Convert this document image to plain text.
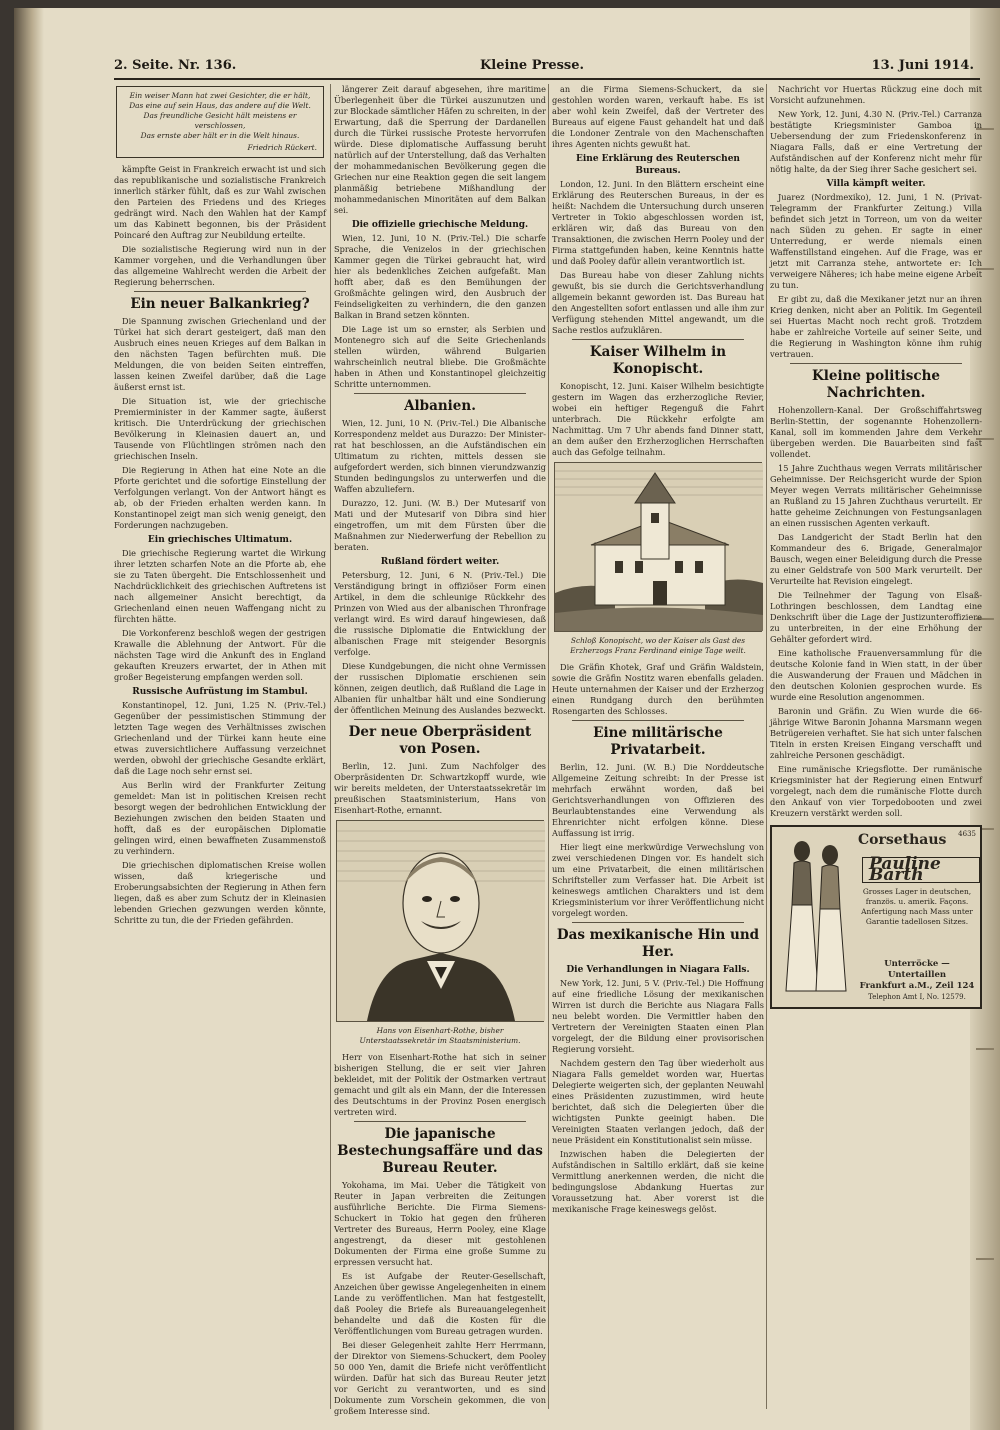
2. Seite. Nr. 136.	Kleine Presse.	13. Juni 1914.
Ein weiser Mann hat zwei Gesichter, die er hält,
Das eine auf sein Haus, das andere auf die Welt.
Das freundliche Gesicht hält meistens er verschlossen,
Das ernste aber hält er in die Welt hinaus.
Friedrich Rückert.

kämpfte Geist in Frankreich erwacht ist und sich das republikanische und sozialistische Frankreich innerlich stärker fühlt, daß es zur Wahl zwischen den Parteien des Friedens und des Krieges gedrängt wird. Nach den Wahlen hat der Kampf um das Kabinett begonnen, bis der Präsident Poincaré den Auftrag zur Neubildung erteilte.

Die sozialistische Regierung wird nun in der Kammer vorgehen, und die Verhandlungen über das allgemeine Wahlrecht werden die Arbeit der Regierung beherrschen.

Ein neuer Balkankrieg?

Die Spannung zwischen Griechenland und der Türkei hat sich derart gesteigert, daß man den Ausbruch eines neuen Krieges auf dem Balkan in den nächsten Tagen befürchten muß. Die Meldungen, die von beiden Seiten eintreffen, lassen keinen Zweifel darüber, daß die Lage äußerst ernst ist.

Die Situation ist, wie der griechische Premierminister in der Kammer sagte, äußerst kritisch. Die Unterdrückung der griechischen Bevölkerung in Kleinasien dauert an, und Tausende von Flüchtlingen strömen nach den griechischen Inseln.

Die Regierung in Athen hat eine Note an die Pforte gerichtet und die sofortige Einstellung der Verfolgungen verlangt. Von der Antwort hängt es ab, ob der Frieden erhalten werden kann. In Konstantinopel zeigt man sich wenig geneigt, den Forderungen nachzugeben.

Ein griechisches Ultimatum.

Die griechische Regierung wartet die Wirkung ihrer letzten scharfen Note an die Pforte ab, ehe sie zu Taten übergeht. Die Entschlossenheit und Nachdrücklichkeit des griechischen Auftretens ist nach allgemeiner Ansicht berechtigt, da Griechenland einen neuen Waffengang nicht zu fürchten hätte.

Die Vorkonferenz beschloß wegen der gestrigen Krawalle die Ablehnung der Antwort. Für die nächsten Tage wird die Ankunft des in England gekauften Kreuzers erwartet, der in Athen mit großer Begeisterung empfangen werden soll.

Russische Aufrüstung im Stambul.

Konstantinopel, 12. Juni, 1.25 N. (Priv.-Tel.) Gegenüber der pessimistischen Stimmung der letzten Tage wegen des Verhältnisses zwischen Griechenland und der Türkei kann heute eine etwas zuversichtlichere Auffassung verzeichnet werden, obwohl der griechische Gesandte erklärt, daß die Lage noch sehr ernst sei.

Aus Berlin wird der Frankfurter Zeitung gemeldet: Man ist in politischen Kreisen recht besorgt wegen der bedrohlichen Entwicklung der Beziehungen zwischen den beiden Staaten und hofft, daß es der europäischen Diplomatie gelingen wird, einen bewaffneten Zusammenstoß zu verhindern.

Die griechischen diplomatischen Kreise wollen wissen, daß kriegerische und Eroberungsabsichten der Regierung in Athen fern liegen, daß es aber zum Schutz der in Kleinasien lebenden Griechen gezwungen werden könnte, Schritte zu tun, die der Frieden gefährden.

längerer Zeit darauf abgesehen, ihre maritime Überlegenheit über die Türkei auszunutzen und zur Blockade sämtlicher Häfen zu schreiten, in der Erwartung, daß die Sperrung der Dardanellen durch die Türkei russische Proteste hervorrufen würde. Diese diplomatische Auffassung beruht natürlich auf der Unterstellung, daß das Verhalten der mohammedanischen Bevölkerung gegen die Griechen nur eine Reaktion gegen die seit langem planmäßig betriebene Mißhandlung der mohammedanischen Minoritäten auf dem Balkan sei.

Die offizielle griechische Meldung.

Wien, 12. Juni, 10 N. (Priv.-Tel.) Die scharfe Sprache, die Venizelos in der griechischen Kammer gegen die Türkei gebraucht hat, wird hier als bedenkliches Zeichen aufgefaßt. Man hofft aber, daß es den Bemühungen der Großmächte gelingen wird, den Ausbruch der Feindseligkeiten zu verhindern, die den ganzen Balkan in Brand setzen könnten.

Die Lage ist um so ernster, als Serbien und Montenegro sich auf die Seite Griechenlands stellen würden, während Bulgarien wahrscheinlich neutral bliebe. Die Großmächte haben in Athen und Konstantinopel gleichzeitig Schritte unternommen.

Albanien.

Wien, 12. Juni, 10 N. (Priv.-Tel.) Die Albanische Korrespondenz meldet aus Durazzo: Der Minister-rat hat beschlossen, an die Aufständischen ein Ultimatum zu richten, mittels dessen sie aufgefordert werden, sich binnen vierundzwanzig Stunden bedingungslos zu unterwerfen und die Waffen abzuliefern.

Durazzo, 12. Juni. (W. B.) Der Mutesarif von Mati und der Mutesarif von Dibra sind hier eingetroffen, um mit dem Fürsten über die Maßnahmen zur Niederwerfung der Rebellion zu beraten.

Rußland fördert weiter.

Petersburg, 12. Juni, 6 N. (Priv.-Tel.) Die Verständigung bringt in offiziöser Form einen Artikel, in dem die schleunige Rückkehr des Prinzen von Wied aus der albanischen Thronfrage verlangt wird. Es wird darauf hingewiesen, daß die russische Diplomatie die Entwicklung der albanischen Frage mit steigender Besorgnis verfolge.

Diese Kundgebungen, die nicht ohne Vermissen der russischen Diplomatie erschienen sein können, zeigen deutlich, daß Rußland die Lage in Albanien für unhaltbar hält und eine Sondierung der öffentlichen Meinung des Auslandes bezweckt.

Der neue Oberpräsident von Posen.

Berlin, 12. Juni. Zum Nachfolger des Oberpräsidenten Dr. Schwartzkopff wurde, wie wir bereits meldeten, der Unterstaatssekretär im preußischen Staatsministerium, Hans von Eisenhart-Rothe, ernannt.

Hans von Eisenhart-Rothe, bisher Unterstaatssekretär im Staatsministerium.

Herr von Eisenhart-Rothe hat sich in seiner bisherigen Stellung, die er seit vier Jahren bekleidet, mit der Politik der Ostmarken vertraut gemacht und gilt als ein Mann, der die Interessen des Deutschtums in der Provinz Posen energisch vertreten wird.

Die japanische Bestechungsaffäre und das Bureau Reuter.

Yokohama, im Mai. Ueber die Tätigkeit von Reuter in Japan verbreiten die Zeitungen ausführliche Berichte. Die Firma Siemens-Schuckert in Tokio hat gegen den früheren Vertreter des Bureaus, Herrn Pooley, eine Klage angestrengt, da dieser mit gestohlenen Dokumenten der Firma eine große Summe zu erpressen versucht hat.

Es ist Aufgabe der Reuter-Gesellschaft, Anzeichen über gewisse Angelegenheiten in einem Lande zu veröffentlichen. Man hat festgestellt, daß Pooley die Briefe als Bureauangelegenheit behandelte und daß die Kosten für die Veröffentlichungen vom Bureau getragen wurden.

Bei dieser Gelegenheit zahlte Herr Herrmann, der Direktor von Siemens-Schuckert, dem Pooley 50 000 Yen, damit die Briefe nicht veröffentlicht würden. Dafür hat sich das Bureau Reuter jetzt vor Gericht zu verantworten, und es sind Dokumente zum Vorschein gekommen, die von großem Interesse sind.

an die Firma Siemens-Schuckert, da sie gestohlen worden waren, verkauft habe. Es ist aber wohl kein Zweifel, daß der Vertreter des Bureaus auf eigene Faust gehandelt hat und daß die Londoner Zentrale von den Machenschaften ihres Agenten nichts gewußt hat.

Eine Erklärung des Reuterschen Bureaus.

London, 12. Juni. In den Blättern erscheint eine Erklärung des Reuterschen Bureaus, in der es heißt: Nachdem die Untersuchung durch unseren Vertreter in Tokio abgeschlossen worden ist, erklären wir, daß das Bureau von den Transaktionen, die zwischen Herrn Pooley und der Firma stattgefunden haben, keine Kenntnis hatte und daß Pooley dafür allein verantwortlich ist.

Das Bureau habe von dieser Zahlung nichts gewußt, bis sie durch die Gerichtsverhandlung allgemein bekannt geworden ist. Das Bureau hat den Angestellten sofort entlassen und alle ihm zur Verfügung stehenden Mittel angewandt, um die Sache restlos aufzuklären.

Kaiser Wilhelm in Konopischt.

Konopischt, 12. Juni. Kaiser Wilhelm besichtigte gestern im Wagen das erzherzogliche Revier, wobei ein heftiger Regenguß die Fahrt unterbrach. Die Rückkehr erfolgte am Nachmittag. Um 7 Uhr abends fand Dinner statt, an dem außer den Erzherzoglichen Herrschaften auch das Gefolge teilnahm.

Schloß Konopischt, wo der Kaiser als Gast des Erzherzogs Franz Ferdinand einige Tage weilt.

Die Gräfin Khotek, Graf und Gräfin Waldstein, sowie die Gräfin Nostitz waren ebenfalls geladen. Heute unternahmen der Kaiser und der Erzherzog einen Rundgang durch den berühmten Rosengarten des Schlosses.

Eine militärische Privatarbeit.

Berlin, 12. Juni. (W. B.) Die Norddeutsche Allgemeine Zeitung schreibt: In der Presse ist mehrfach erwähnt worden, daß bei Gerichtsverhandlungen von Offizieren des Beurlaubtenstandes eine Verwendung als Ehrenrichter nicht erfolgen könne. Diese Auffassung ist irrig.

Hier liegt eine merkwürdige Verwechslung von zwei verschiedenen Dingen vor. Es handelt sich um eine Privatarbeit, die einen militärischen Schriftsteller zum Verfasser hat. Die Arbeit ist keineswegs amtlichen Charakters und ist dem Kriegsministerium vor ihrer Veröffentlichung nicht vorgelegt worden.

Das mexikanische Hin und Her.
Die Verhandlungen in Niagara Falls.

New York, 12. Juni, 5 V. (Priv.-Tel.) Die Hoffnung auf eine friedliche Lösung der mexikanischen Wirren ist durch die Berichte aus Niagara Falls neu belebt worden. Die Vermittler haben den Vertretern der Vereinigten Staaten einen Plan vorgelegt, der die Bildung einer provisorischen Regierung vorsieht.

Nachdem gestern den Tag über wiederholt aus Niagara Falls gemeldet worden war, Huertas Delegierte weigerten sich, der geplanten Neuwahl eines Präsidenten zuzustimmen, wird heute berichtet, daß sich die Delegierten über die wichtigsten Punkte geeinigt haben. Die Vereinigten Staaten verlangen jedoch, daß der neue Präsident ein Konstitutionalist sein müsse.

Inzwischen haben die Delegierten der Aufständischen in Saltillo erklärt, daß sie keine Vermittlung anerkennen werden, die nicht die bedingungslose Abdankung Huertas zur Voraussetzung hat. Aber vorerst ist die mexikanische Frage keineswegs gelöst.

Nachricht vor Huertas Rückzug eine doch mit Vorsicht aufzunehmen.

New York, 12. Juni, 4.30 N. (Priv.-Tel.) Carranza bestätigte Kriegsminister Gamboa in Uebersendung der zum Friedenskonferenz in Niagara Falls, daß er eine Vertretung der Aufständischen auf der Konferenz nicht mehr für nötig halte, da der Sieg ihrer Sache gesichert sei.

Villa kämpft weiter.

Juarez (Nordmexiko), 12. Juni, 1 N. (Privat-Telegramm der Frankfurter Zeitung.) Villa befindet sich jetzt in Torreon, um von da weiter nach Süden zu gehen. Er sagte in einer Unterredung, er werde niemals einen Waffenstillstand eingehen. Auf die Frage, was er jetzt mit Carranza stehe, antwortete er: Ich verweigere Näheres; ich habe meine eigene Arbeit zu tun.

Er gibt zu, daß die Mexikaner jetzt nur an ihren Krieg denken, nicht aber an Politik. Im Gegenteil sei Huertas Macht noch recht groß. Trotzdem habe er zahlreiche Vorteile auf seiner Seite, und die Regierung in Washington könne ihm ruhig vertrauen.

Kleine politische Nachrichten.

Hohenzollern-Kanal. Der Großschiffahrtsweg Berlin-Stettin, der sogenannte Hohenzollern-Kanal, soll im kommenden Jahre dem Verkehr übergeben werden. Die Bauarbeiten sind fast vollendet.

15 Jahre Zuchthaus wegen Verrats militärischer Geheimnisse. Der Reichsgericht wurde der Spion Meyer wegen Verrats militärischer Geheimnisse an Rußland zu 15 Jahren Zuchthaus verurteilt. Er hatte geheime Zeichnungen von Festungsanlagen an einen russischen Agenten verkauft.

Das Landgericht der Stadt Berlin hat den Kommandeur des 6. Brigade, Generalmajor Bausch, wegen einer Beleidigung durch die Presse zu einer Geldstrafe von 500 Mark verurteilt. Der Verurteilte hat Revision eingelegt.

Die Teilnehmer der Tagung von Elsaß-Lothringen beschlossen, dem Landtag eine Denkschrift über die Lage der Justizunteroffiziere zu unterbreiten, in der eine Erhöhung der Gehälter gefordert wird.

Eine katholische Frauenversammlung für die deutsche Kolonie fand in Wien statt, in der über die Auswanderung der Frauen und Mädchen in den deutschen Kolonien gesprochen wurde. Es wurde eine Resolution angenommen.

Baronin und Gräfin. Zu Wien wurde die 66-jährige Witwe Baronin Johanna Marsmann wegen Betrügereien verhaftet. Sie hat sich unter falschen Titeln in ersten Kreisen Eingang verschafft und zahlreiche Personen geschädigt.

Eine rumänische Kriegsflotte. Der rumänische Kriegsminister hat der Regierung einen Entwurf vorgelegt, nach dem die rumänische Flotte durch den Ankauf von vier Torpedobooten und zwei Kreuzern verstärkt werden soll.

4635
Corsethaus
Pauline Barth
Grosses Lager in deutschen, französ. u. amerik. Façons. Anfertigung nach Mass unter Garantie tadellosen Sitzes.
Unterröcke — Untertaillen
Frankfurt a.M., Zeil 124
Telephon Amt I, No. 12579.
